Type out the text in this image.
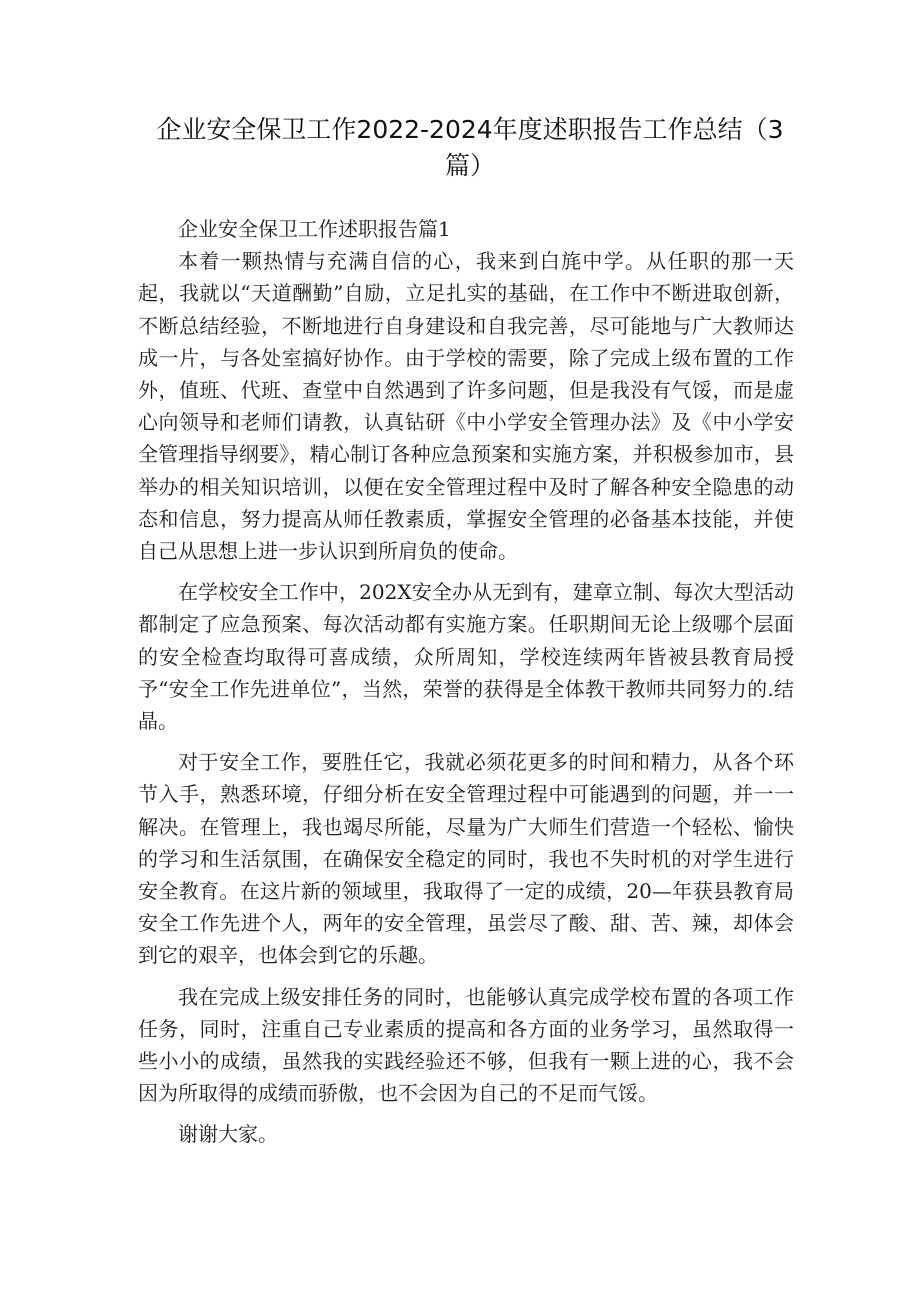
企业安全保卫工作2022-2024年度述职报告工作总结（3篇）

企业安全保卫工作述职报告篇1

本着一颗热情与充满自信的心，我来到白旄中学。从任职的那一天起，我就以“天道酬勤”自励，立足扎实的基础，在工作中不断进取创新，不断总结经验，不断地进行自身建设和自我完善，尽可能地与广大教师达成一片，与各处室搞好协作。由于学校的需要，除了完成上级布置的工作外，值班、代班、查堂中自然遇到了许多问题，但是我没有气馁，而是虚心向领导和老师们请教，认真钻研《中小学安全管理办法》及《中小学安全管理指导纲要》，精心制订各种应急预案和实施方案，并积极参加市，县举办的相关知识培训，以便在安全管理过程中及时了解各种安全隐患的动态和信息，努力提高从师任教素质，掌握安全管理的必备基本技能，并使自己从思想上进一步认识到所肩负的使命。

在学校安全工作中，202X安全办从无到有，建章立制、每次大型活动都制定了应急预案、每次活动都有实施方案。任职期间无论上级哪个层面的安全检查均取得可喜成绩，众所周知，学校连续两年皆被县教育局授予“安全工作先进单位”，当然，荣誉的获得是全体教干教师共同努力的.结晶。

对于安全工作，要胜任它，我就必须花更多的时间和精力，从各个环节入手，熟悉环境，仔细分析在安全管理过程中可能遇到的问题，并一一解决。在管理上，我也竭尽所能，尽量为广大师生们营造一个轻松、愉快的学习和生活氛围，在确保安全稳定的同时，我也不失时机的对学生进行安全教育。在这片新的领域里，我取得了一定的成绩，20—年获县教育局安全工作先进个人，两年的安全管理，虽尝尽了酸、甜、苦、辣，却体会到它的艰辛，也体会到它的乐趣。

我在完成上级安排任务的同时，也能够认真完成学校布置的各项工作任务，同时，注重自己专业素质的提高和各方面的业务学习，虽然取得一些小小的成绩，虽然我的实践经验还不够，但我有一颗上进的心，我不会因为所取得的成绩而骄傲，也不会因为自己的不足而气馁。

谢谢大家。
